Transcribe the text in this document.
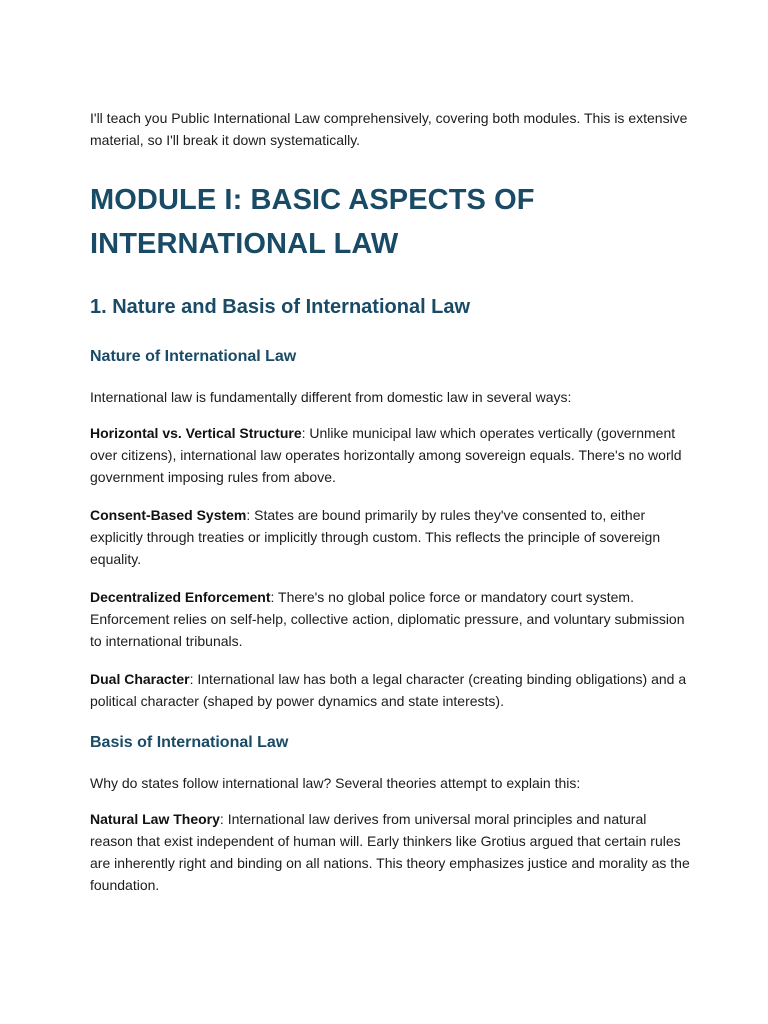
I'll teach you Public International Law comprehensively, covering both modules. This is extensive material, so I'll break it down systematically.

MODULE I: BASIC ASPECTS OF INTERNATIONAL LAW
1. Nature and Basis of International Law
Nature of International Law

International law is fundamentally different from domestic law in several ways:

Horizontal vs. Vertical Structure: Unlike municipal law which operates vertically (government over citizens), international law operates horizontally among sovereign equals. There's no world government imposing rules from above.

Consent-Based System: States are bound primarily by rules they've consented to, either explicitly through treaties or implicitly through custom. This reflects the principle of sovereign equality.

Decentralized Enforcement: There's no global police force or mandatory court system. Enforcement relies on self-help, collective action, diplomatic pressure, and voluntary submission to international tribunals.

Dual Character: International law has both a legal character (creating binding obligations) and a political character (shaped by power dynamics and state interests).

Basis of International Law

Why do states follow international law? Several theories attempt to explain this:

Natural Law Theory: International law derives from universal moral principles and natural reason that exist independent of human will. Early thinkers like Grotius argued that certain rules are inherently right and binding on all nations. This theory emphasizes justice and morality as the foundation.
